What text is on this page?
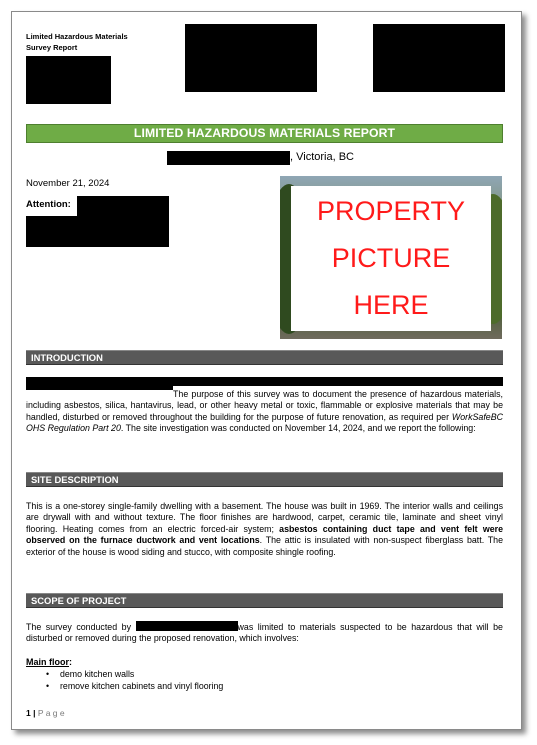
Limited Hazardous Materials
Survey Report
LIMITED HAZARDOUS MATERIALS REPORT
, Victoria, BC
November 21, 2024
Attention:	PROPERTY
PICTURE
HERE
INTRODUCTION
The purpose of this survey was to document the presence of hazardous materials, including asbestos, silica, hantavirus, lead, or other heavy metal or toxic, flammable or explosive materials that may be handled, disturbed or removed throughout the building for the purpose of future renovation, as required per WorkSafeBC OHS Regulation Part 20. The site investigation was conducted on November 14, 2024, and we report the following:
SITE DESCRIPTION
This is a one-storey single-family dwelling with a basement. The house was built in 1969. The interior walls and ceilings are drywall with and without texture. The floor finishes are hardwood, carpet, ceramic tile, laminate and sheet vinyl flooring. Heating comes from an electric forced-air system; asbestos containing duct tape and vent felt were observed on the furnace ductwork and vent locations. The attic is insulated with non-suspect fiberglass batt. The exterior of the house is wood siding and stucco, with composite shingle roofing.
SCOPE OF PROJECT
The survey conducted by	was limited to materials suspected to be hazardous that will be disturbed or removed during the proposed renovation, which involves:
Main floor:
• demo kitchen walls
• remove kitchen cabinets and vinyl flooring
1 | P a g e
